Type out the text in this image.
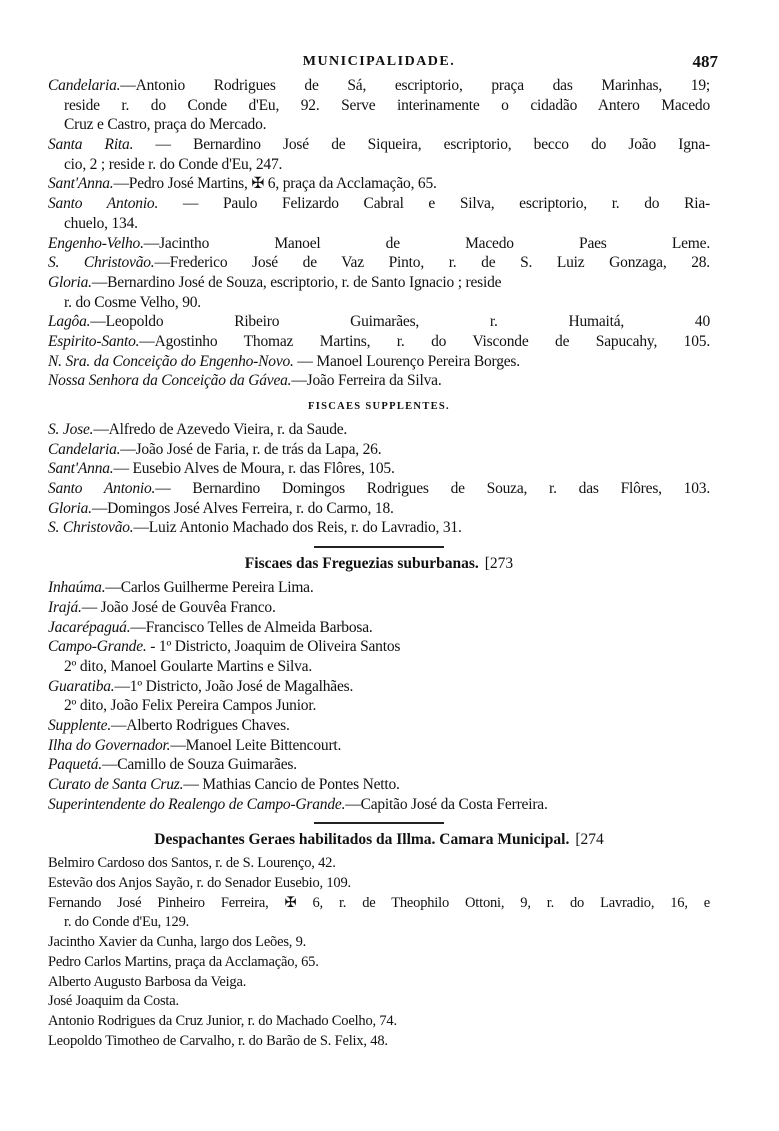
MUNICIPALIDADE.	487
Candelaria.—Antonio Rodrigues de Sá, escriptorio, praça das Marinhas, 19;
reside r. do Conde d'Eu, 92. Serve interinamente o cidadão Antero Macedo
Cruz e Castro, praça do Mercado.
Santa Rita. — Bernardino José de Siqueira, escriptorio, becco do João Igna-
cio, 2 ; reside r. do Conde d'Eu, 247.
Sant'Anna.—Pedro José Martins, ✠ 6, praça da Acclamação, 65.
Santo Antonio. — Paulo Felizardo Cabral e Silva, escriptorio, r. do Ria-
chuelo, 134.
Engenho-Velho.—Jacintho Manoel de Macedo Paes Leme.
S. Christovão.—Frederico José de Vaz Pinto, r. de S. Luiz Gonzaga, 28.
Gloria.—Bernardino José de Souza, escriptorio, r. de Santo Ignacio ; reside
r. do Cosme Velho, 90.
Lagôa.—Leopoldo Ribeiro Guimarães, r. Humaitá, 40
Espirito-Santo.—Agostinho Thomaz Martins, r. do Visconde de Sapucahy, 105.
N. Sra. da Conceição do Engenho-Novo. — Manoel Lourenço Pereira Borges.
Nossa Senhora da Conceição da Gávea.—João Ferreira da Silva.
FISCAES SUPPLENTES.
S. Jose.—Alfredo de Azevedo Vieira, r. da Saude.
Candelaria.—João José de Faria, r. de trás da Lapa, 26.
Sant'Anna.— Eusebio Alves de Moura, r. das Flôres, 105.
Santo Antonio.— Bernardino Domingos Rodrigues de Souza, r. das Flôres, 103.
Gloria.—Domingos José Alves Ferreira, r. do Carmo, 18.
S. Christovão.—Luiz Antonio Machado dos Reis, r. do Lavradio, 31.
Fiscaes das Freguezias suburbanas. [273
Inhaúma.—Carlos Guilherme Pereira Lima.
Irajá.— João José de Gouvêa Franco.
Jacarépaguá.—Francisco Telles de Almeida Barbosa.
Campo-Grande. - 1º Districto, Joaquim de Oliveira Santos
2º dito, Manoel Goularte Martins e Silva.
Guaratiba.—1º Districto, João José de Magalhães.
2º dito, João Felix Pereira Campos Junior.
Supplente.—Alberto Rodrigues Chaves.
Ilha do Governador.—Manoel Leite Bittencourt.
Paquetá.—Camillo de Souza Guimarães.
Curato de Santa Cruz.— Mathias Cancio de Pontes Netto.
Superintendente do Realengo de Campo-Grande.—Capitão José da Costa Ferreira.
Despachantes Geraes habilitados da Illma. Camara Municipal. [274
Belmiro Cardoso dos Santos, r. de S. Lourenço, 42.
Estevão dos Anjos Sayão, r. do Senador Eusebio, 109.
Fernando José Pinheiro Ferreira, ✠ 6, r. de Theophilo Ottoni, 9, r. do Lavradio, 16, e
r. do Conde d'Eu, 129.
Jacintho Xavier da Cunha, largo dos Leões, 9.
Pedro Carlos Martins, praça da Acclamação, 65.
Alberto Augusto Barbosa da Veiga.
José Joaquim da Costa.
Antonio Rodrigues da Cruz Junior, r. do Machado Coelho, 74.
Leopoldo Timotheo de Carvalho, r. do Barão de S. Felix, 48.
